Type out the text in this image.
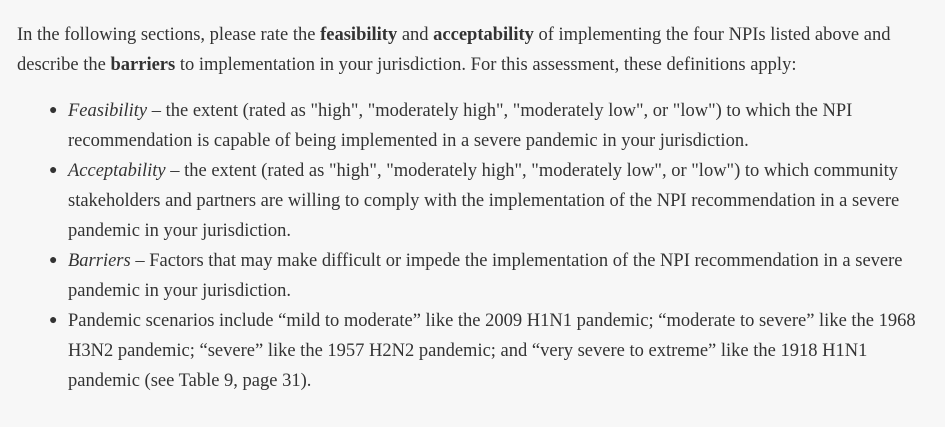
In the following sections, please rate the feasibility and acceptability of implementing the four NPIs listed above and describe the barriers to implementation in your jurisdiction. For this assessment, these definitions apply:

● Feasibility – the extent (rated as "high", "moderately high", "moderately low", or "low") to which the NPI recommendation is capable of being implemented in a severe pandemic in your jurisdiction.
● Acceptability – the extent (rated as "high", "moderately high", "moderately low", or "low") to which community stakeholders and partners are willing to comply with the implementation of the NPI recommendation in a severe pandemic in your jurisdiction.
● Barriers – Factors that may make difficult or impede the implementation of the NPI recommendation in a severe pandemic in your jurisdiction.
● Pandemic scenarios include “mild to moderate” like the 2009 H1N1 pandemic; “moderate to severe” like the 1968 H3N2 pandemic; “severe” like the 1957 H2N2 pandemic; and “very severe to extreme” like the 1918 H1N1 pandemic (see Table 9, page 31).
